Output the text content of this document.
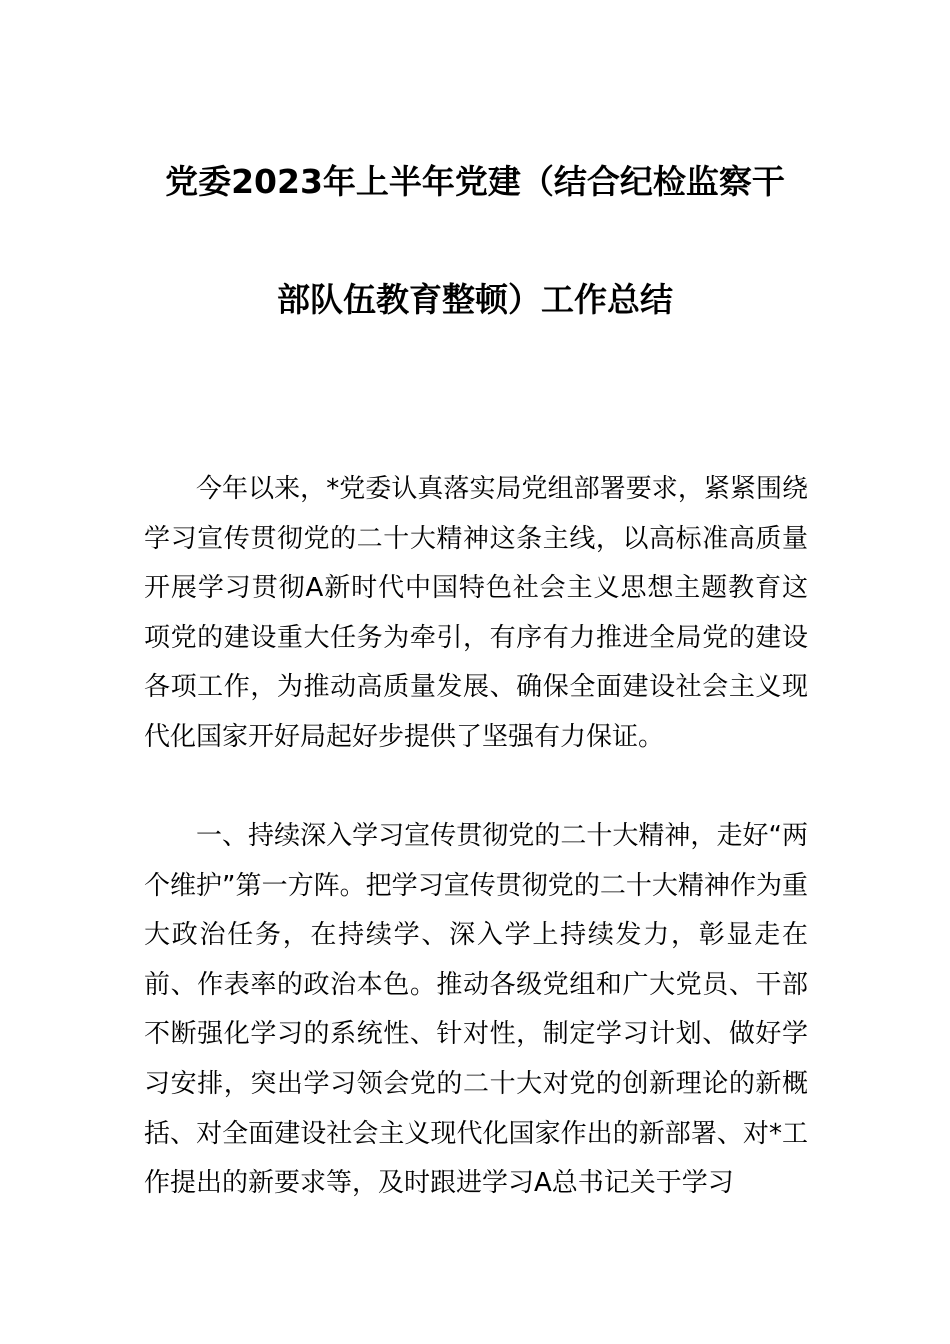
党委2023年上半年党建（结合纪检监察干
部队伍教育整顿）工作总结

今年以来，*党委认真落实局党组部署要求，紧紧围绕学习宣传贯彻党的二十大精神这条主线，以高标准高质量开展学习贯彻A新时代中国特色社会主义思想主题教育这项党的建设重大任务为牵引，有序有力推进全局党的建设各项工作，为推动高质量发展、确保全面建设社会主义现代化国家开好局起好步提供了坚强有力保证。

一、持续深入学习宣传贯彻党的二十大精神，走好“两个维护”第一方阵。把学习宣传贯彻党的二十大精神作为重大政治任务，在持续学、深入学上持续发力，彰显走在前、作表率的政治本色。推动各级党组和广大党员、干部不断强化学习的系统性、针对性，制定学习计划、做好学习安排，突出学习领会党的二十大对党的创新理论的新概括、对全面建设社会主义现代化国家作出的新部署、对*工作提出的新要求等，及时跟进学习A总书记关于学习
